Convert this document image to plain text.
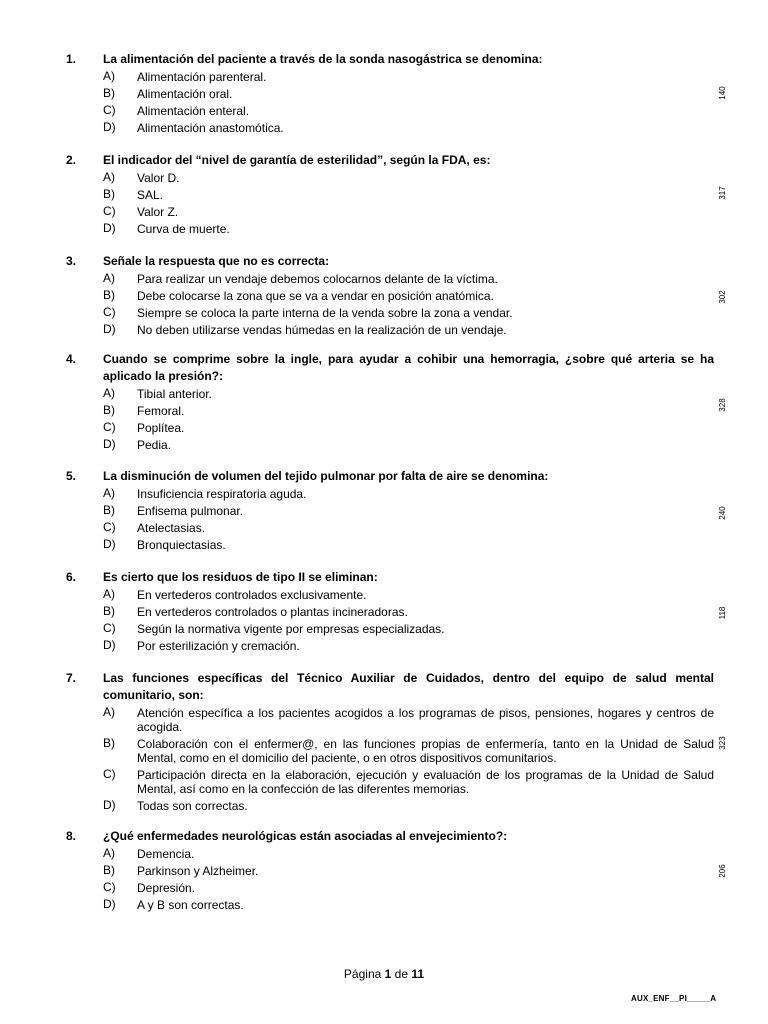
1.	La alimentación del paciente a través de la sonda nasogástrica se denomina:
A)	Alimentación parenteral.
B)	Alimentación oral.
C)	Alimentación enteral.
D)	Alimentación anastomótica.
2.	El indicador del “nivel de garantía de esterilidad”, según la FDA, es:
A)	Valor D.
B)	SAL.
C)	Valor Z.
D)	Curva de muerte.
3.	Señale la respuesta que no es correcta:
A)	Para realizar un vendaje debemos colocarnos delante de la víctima.
B)	Debe colocarse la zona que se va a vendar en posición anatómica.
C)	Siempre se coloca la parte interna de la venda sobre la zona a vendar.
D)	No deben utilizarse vendas húmedas en la realización de un vendaje.
4.	Cuando se comprime sobre la ingle, para ayudar a cohibir una hemorragia, ¿sobre qué arteria se ha aplicado la presión?:
A)	Tibial anterior.
B)	Femoral.
C)	Poplítea.
D)	Pedia.
5.	La disminución de volumen del tejido pulmonar por falta de aire se denomina:
A)	Insuficiencia respiratoria aguda.
B)	Enfisema pulmonar.
C)	Atelectasias.
D)	Bronquiectasias.
6.	Es cierto que los residuos de tipo II se eliminan:
A)	En vertederos controlados exclusivamente.
B)	En vertederos controlados o plantas incineradoras.
C)	Según la normativa vigente por empresas especializadas.
D)	Por esterilización y cremación.
7.	Las funciones específicas del Técnico Auxiliar de Cuidados, dentro del equipo de salud mental comunitario, son:
A)	Atención específica a los pacientes acogidos a los programas de pisos, pensiones, hogares y centros de acogida.
B)	Colaboración con el enfermer@, en las funciones propias de enfermería, tanto en la Unidad de Salud Mental, como en el domicilio del paciente, o en otros dispositivos comunitarios.
C)	Participación directa en la elaboración, ejecución y evaluación de los programas de la Unidad de Salud Mental, así como en la confección de las diferentes memorias.
D)	Todas son correctas.
8.	¿Qué enfermedades neurológicas están asociadas al envejecimiento?:
A)	Demencia.
B)	Parkinson y Alzheimer.
C)	Depresión.
D)	A y B son correctas.
Página 1 de 11
AUX_ENF__PI_____A
140
317
302
328
240
118
323
206
